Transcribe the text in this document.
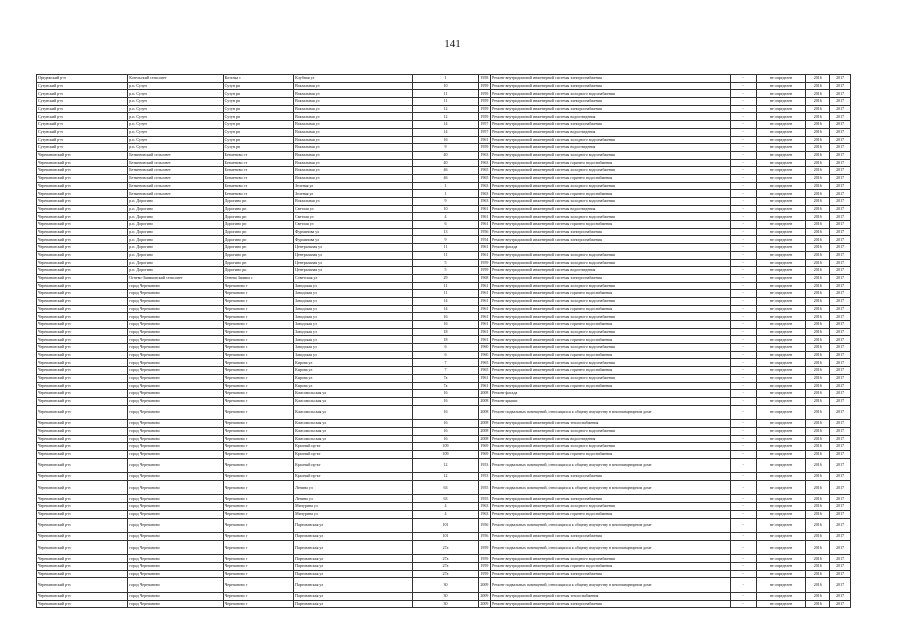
141
Оредежский р-н	Козельский сельсовет	Козелка с	Клубная ул	1	1958	Ремонт внутридомовой инженерной системы электроснабжения	-	не определен	2016	2017
Сузунский р-н	р.п. Сузун	Сузун рп	Вокзальная ул	10	1959	Ремонт внутридомовой инженерной системы электроснабжения	-	не определен	2016	2017
Сузунский р-н	р.п. Сузун	Сузун рп	Вокзальная ул	11	1959	Ремонт внутридомовой инженерной системы холодного водоснабжения	-	не определен	2016	2017
Сузунский р-н	р.п. Сузун	Сузун рп	Вокзальная ул	11	1959	Ремонт внутридомовой инженерной системы электроснабжения	-	не определен	2016	2017
Сузунский р-н	р.п. Сузун	Сузун рп	Вокзальная ул	12	1959	Ремонт внутридомовой инженерной системы электроснабжения	-	не определен	2016	2017
Сузунский р-н	р.п. Сузун	Сузун рп	Вокзальная ул	12	1959	Ремонт внутридомовой инженерной системы водоотведения	-	не определен	2016	2017
Сузунский р-н	р.п. Сузун	Сузун рп	Вокзальная ул	14	1957	Ремонт внутридомовой инженерной системы электроснабжения	-	не определен	2016	2017
Сузунский р-н	р.п. Сузун	Сузун рп	Вокзальная ул	14	1957	Ремонт внутридомовой инженерной системы водоотведения	-	не определен	2016	2017
Сузунский р-н	р.п. Сузун	Сузун рп	Вокзальная ул	16	1961	Ремонт внутридомовой инженерной системы холодного водоснабжения	-	не определен	2016	2017
Сузунский р-н	р.п. Сузун	Сузун рп	Вокзальная ул	9	1959	Ремонт внутридомовой инженерной системы водоотведения	-	не определен	2016	2017
Черепановский р-н	Безменовский сельсовет	Безменово ст	Вокзальная ул	40	1963	Ремонт внутридомовой инженерной системы холодного водоснабжения	-	не определен	2016	2017
Черепановский р-н	Безменовский сельсовет	Безменово ст	Вокзальная ул	40	1963	Ремонт внутридомовой инженерной системы горячего водоснабжения	-	не определен	2016	2017
Черепановский р-н	Безменовский сельсовет	Безменово ст	Вокзальная ул	46	1965	Ремонт внутридомовой инженерной системы холодного водоснабжения	-	не определен	2016	2017
Черепановский р-н	Безменовский сельсовет	Безменово ст	Вокзальная ул	46	1965	Ремонт внутридомовой инженерной системы горячего водоснабжения	-	не определен	2016	2017
Черепановский р-н	Безменовский сельсовет	Безменово ст	Зеленая ул	1	1963	Ремонт внутридомовой инженерной системы холодного водоснабжения	-	не определен	2016	2017
Черепановский р-н	Безменовский сельсовет	Безменово ст	Зеленая ул	1	1963	Ремонт внутридомовой инженерной системы горячего водоснабжения	-	не определен	2016	2017
Черепановский р-н	р.п. Дорогино	Дорогино рп	Вокзальная ул	9	1963	Ремонт внутридомовой инженерной системы холодного водоснабжения	-	не определен	2016	2017
Черепановский р-н	р.п. Дорогино	Дорогино рп	Светлая ул	10	1961	Ремонт внутридомовой инженерной системы водоотведения	-	не определен	2016	2017
Черепановский р-н	р.п. Дорогино	Дорогино рп	Светлая ул	4	1961	Ремонт внутридомовой инженерной системы холодного водоснабжения	-	не определен	2016	2017
Черепановский р-н	р.п. Дорогино	Дорогино рп	Светлая ул	6	1961	Ремонт внутридомовой инженерной системы горячего водоснабжения	-	не определен	2016	2017
Черепановский р-н	р.п. Дорогино	Дорогино рп	Фурманова ул	13	1956	Ремонт внутридомовой инженерной системы электроснабжения	-	не определен	2016	2017
Черепановский р-н	р.п. Дорогино	Дорогино рп	Фурманова ул	9	1954	Ремонт внутридомовой инженерной системы электроснабжения	-	не определен	2016	2017
Черепановский р-н	р.п. Дорогино	Дорогино рп	Центральная ул	11	1961	Ремонт фасада	-	не определен	2016	2017
Черепановский р-н	р.п. Дорогино	Дорогино рп	Центральная ул	11	1961	Ремонт внутридомовой инженерной системы холодного водоснабжения	-	не определен	2016	2017
Черепановский р-н	р.п. Дорогино	Дорогино рп	Центральная ул	5	1959	Ремонт внутридомовой инженерной системы холодного водоснабжения	-	не определен	2016	2017
Черепановский р-н	р.п. Дорогино	Дорогино рп	Центральная ул	5	1959	Ремонт внутридомовой инженерной системы водоотведения	-	не определен	2016	2017
Черепановский р-н	Огнево-Заимковский сельсовет	Огнева Заимка с	Советская ул	29	1968	Ремонт внутридомовой инженерной системы электроснабжения	-	не определен	2016	2017
Черепановский р-н	город Черепаново	Черепаново г	Заводская ул	11	1961	Ремонт внутридомовой инженерной системы холодного водоснабжения	-	не определен	2016	2017
Черепановский р-н	город Черепаново	Черепаново г	Заводская ул	11	1961	Ремонт внутридомовой инженерной системы горячего водоснабжения	-	не определен	2016	2017
Черепановский р-н	город Черепаново	Черепаново г	Заводская ул	14	1961	Ремонт внутридомовой инженерной системы холодного водоснабжения	-	не определен	2016	2017
Черепановский р-н	город Черепаново	Черепаново г	Заводская ул	14	1961	Ремонт внутридомовой инженерной системы горячего водоснабжения	-	не определен	2016	2017
Черепановский р-н	город Черепаново	Черепаново г	Заводская ул	16	1961	Ремонт внутридомовой инженерной системы холодного водоснабжения	-	не определен	2016	2017
Черепановский р-н	город Черепаново	Черепаново г	Заводская ул	16	1961	Ремонт внутридомовой инженерной системы горячего водоснабжения	-	не определен	2016	2017
Черепановский р-н	город Черепаново	Черепаново г	Заводская ул	18	1961	Ремонт внутридомовой инженерной системы холодного водоснабжения	-	не определен	2016	2017
Черепановский р-н	город Черепаново	Черепаново г	Заводская ул	18	1961	Ремонт внутридомовой инженерной системы горячего водоснабжения	-	не определен	2016	2017
Черепановский р-н	город Черепаново	Черепаново г	Заводская ул	6	1960	Ремонт внутридомовой инженерной системы холодного водоснабжения	-	не определен	2016	2017
Черепановский р-н	город Черепаново	Черепаново г	Заводская ул	6	1960	Ремонт внутридомовой инженерной системы горячего водоснабжения	-	не определен	2016	2017
Черепановский р-н	город Черепаново	Черепаново г	Кирова ул	7	1965	Ремонт внутридомовой инженерной системы холодного водоснабжения	-	не определен	2016	2017
Черепановский р-н	город Черепаново	Черепаново г	Кирова ул	7	1965	Ремонт внутридомовой инженерной системы горячего водоснабжения	-	не определен	2016	2017
Черепановский р-н	город Черепаново	Черепаново г	Кирова ул	7а	1961	Ремонт внутридомовой инженерной системы холодного водоснабжения	-	не определен	2016	2017
Черепановский р-н	город Черепаново	Черепаново г	Кирова ул	7а	1961	Ремонт внутридомовой инженерной системы горячего водоснабжения	-	не определен	2016	2017
Черепановский р-н	город Черепаново	Черепаново г	Комсомольская ул	16	2008	Ремонт фасада	-	не определен	2016	2017
Черепановский р-н	город Черепаново	Черепаново г	Комсомольская ул	16	2008	Ремонт крыши	-	не определен	2016	2017
Черепановский р-н	город Черепаново	Черепаново г	Комсомольская ул	16	2008	Ремонт подвальных помещений, относящихся к общему имуществу в многоквартирном доме	-	не определен	2016	2017
Черепановский р-н	город Черепаново	Черепаново г	Комсомольская ул	16	2008	Ремонт внутридомовой инженерной системы теплоснабжения	-	не определен	2016	2017
Черепановский р-н	город Черепаново	Черепаново г	Комсомольская ул	16	2008	Ремонт внутридомовой инженерной системы холодного водоснабжения	-	не определен	2016	2017
Черепановский р-н	город Черепаново	Черепаново г	Комсомольская ул	16	2008	Ремонт внутридомовой инженерной системы водоотведения	-	не определен	2016	2017
Черепановский р-н	город Черепаново	Черепаново г	Красный пр-кт	109	1969	Ремонт внутридомовой инженерной системы холодного водоснабжения	-	не определен	2016	2017
Черепановский р-н	город Черепаново	Черепаново г	Красный пр-кт	109	1969	Ремонт внутридомовой инженерной системы горячего водоснабжения	-	не определен	2016	2017
Черепановский р-н	город Черепаново	Черепаново г	Красный пр-кт	12	1953	Ремонт подвальных помещений, относящихся к общему имуществу в многоквартирном доме	-	не определен	2016	2017
Черепановский р-н	город Черепаново	Черепаново г	Красный пр-кт	12	1953	Ремонт внутридомовой инженерной системы электроснабжения	-	не определен	2016	2017
Черепановский р-н	город Черепаново	Черепаново г	Ленина ул	63	1955	Ремонт подвальных помещений, относящихся к общему имуществу в многоквартирном доме	-	не определен	2016	2017
Черепановский р-н	город Черепаново	Черепаново г	Ленина ул	63	1955	Ремонт внутридомовой инженерной системы электроснабжения	-	не определен	2016	2017
Черепановский р-н	город Черепаново	Черепаново г	Мичурина ул	4	1963	Ремонт внутридомовой инженерной системы холодного водоснабжения	-	не определен	2016	2017
Черепановский р-н	город Черепаново	Черепаново г	Мичурина ул	4	1963	Ремонт внутридомовой инженерной системы горячего водоснабжения	-	не определен	2016	2017
Черепановский р-н	город Черепаново	Черепаново г	Партизанская ул	101	1956	Ремонт подвальных помещений, относящихся к общему имуществу в многоквартирном доме	-	не определен	2016	2017
Черепановский р-н	город Черепаново	Черепаново г	Партизанская ул	101	1956	Ремонт внутридомовой инженерной системы электроснабжения	-	не определен	2016	2017
Черепановский р-н	город Черепаново	Черепаново г	Партизанская ул	27а	1959	Ремонт подвальных помещений, относящихся к общему имуществу в многоквартирном доме	-	не определен	2016	2017
Черепановский р-н	город Черепаново	Черепаново г	Партизанская ул	27а	1959	Ремонт внутридомовой инженерной системы холодного водоснабжения	-	не определен	2016	2017
Черепановский р-н	город Черепаново	Черепаново г	Партизанская ул	27а	1959	Ремонт внутридомовой инженерной системы горячего водоснабжения	-	не определен	2016	2017
Черепановский р-н	город Черепаново	Черепаново г	Партизанская ул	27а	1959	Ремонт внутридомовой инженерной системы электроснабжения	-	не определен	2016	2017
Черепановский р-н	город Черепаново	Черепаново г	Партизанская ул	30	2009	Ремонт подвальных помещений, относящихся к общему имуществу в многоквартирном доме	-	не определен	2016	2017
Черепановский р-н	город Черепаново	Черепаново г	Партизанская ул	30	2009	Ремонт внутридомовой инженерной системы теплоснабжения	-	не определен	2016	2017
Черепановский р-н	город Черепаново	Черепаново г	Партизанская ул	30	2009	Ремонт внутридомовой инженерной системы электроснабжения	-	не определен	2016	2017
